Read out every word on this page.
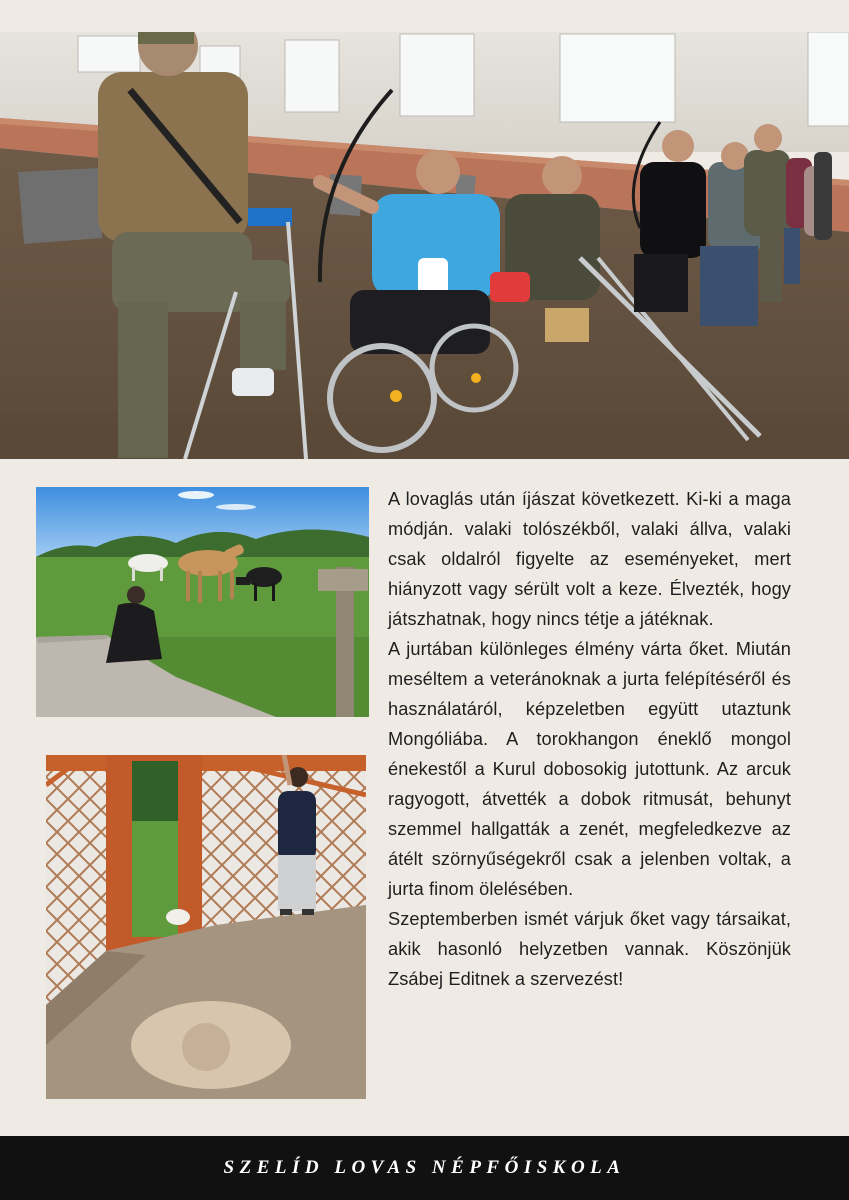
A lovaglás után íjászat következett. Ki-ki a maga módján. valaki tolószékből, valaki állva, valaki csak oldalról figyelte az eseményeket, mert hiányzott vagy sérült volt a keze. Élvezték, hogy játszhatnak, hogy nincs tétje a játéknak.

A jurtában különleges élmény várta őket. Miután meséltem a veteránoknak a jurta felépítéséről és használatáról, képzeletben együtt utaztunk Mongóliába. A torokhangon éneklő mongol énekestől a Kurul dobosokig jutottunk. Az arcuk ragyogott, átvették a dobok ritmusát, behunyt szemmel hallgatták a zenét, megfeledkezve az átélt szörnyűségekről csak a jelenben voltak, a jurta finom ölelésében.

Szeptemberben ismét várjuk őket vagy társaikat, akik hasonló helyzetben vannak. Köszönjük Zsábej Editnek a szervezést!

SZELÍD LOVAS NÉPFŐISKOLA
